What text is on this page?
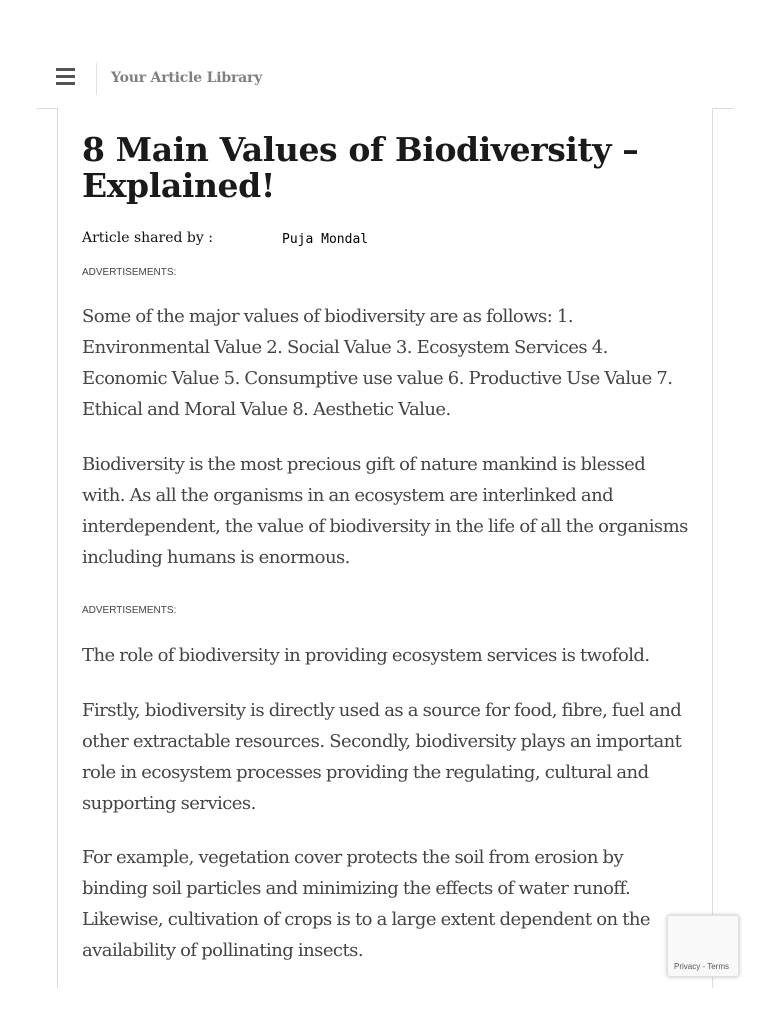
Your Article Library
8 Main Values of Biodiversity – Explained!
Article shared by :	Puja Mondal
ADVERTISEMENTS:

Some of the major values of biodiversity are as follows: 1. Environmental Value 2. Social Value 3. Ecosystem Services 4. Economic Value 5. Consumptive use value 6. Productive Use Value 7. Ethical and Moral Value 8. Aesthetic Value.

Biodiversity is the most precious gift of nature mankind is blessed with. As all the organisms in an ecosystem are interlinked and interdependent, the value of biodiversity in the life of all the organisms including humans is enormous.

ADVERTISEMENTS:

The role of biodiversity in providing ecosystem services is twofold.

Firstly, biodiversity is directly used as a source for food, fibre, fuel and other extractable resources. Secondly, biodiversity plays an important role in ecosystem processes providing the regulating, cultural and supporting services.

For example, vegetation cover protects the soil from erosion by binding soil particles and minimizing the effects of water runoff. Likewise, cultivation of crops is to a large extent dependent on the availability of pollinating insects.

Privacy - Terms
